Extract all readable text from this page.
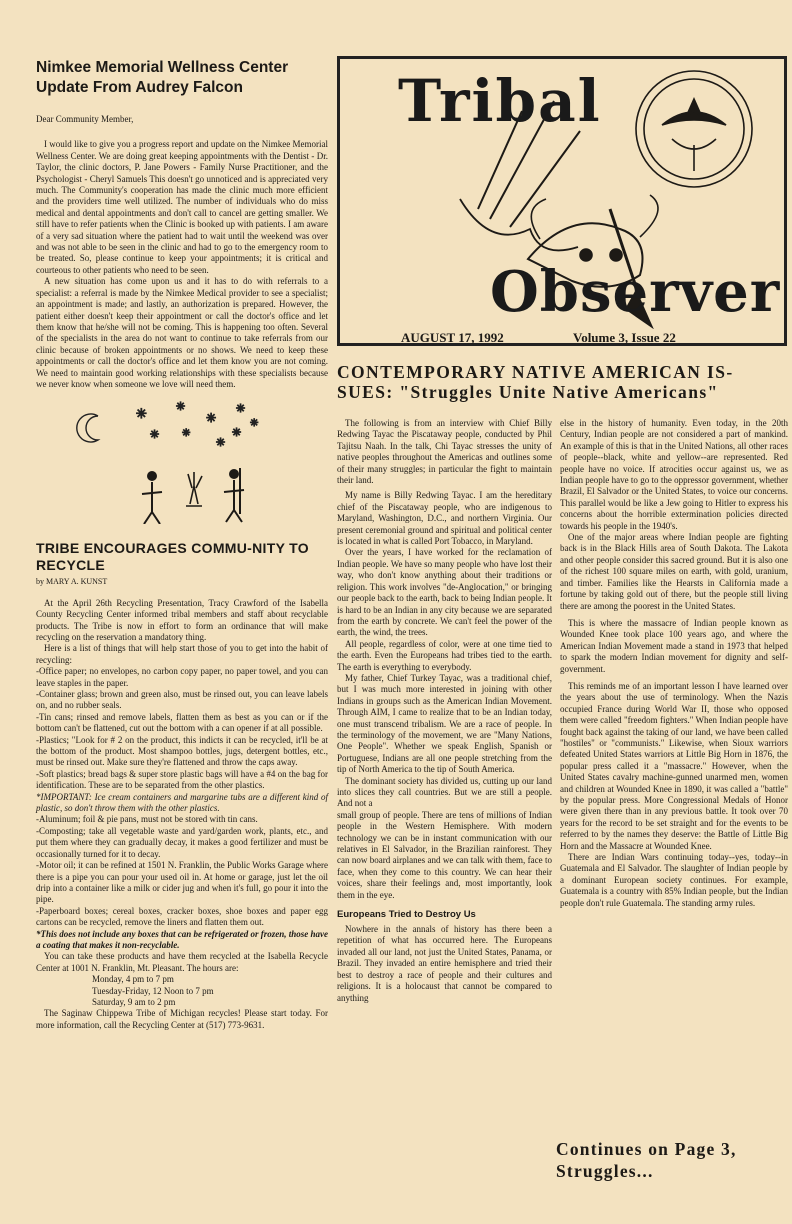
Nimkee Memorial Wellness Center Update From Audrey Falcon

Dear Community Member,

I would like to give you a progress report and update on the Nimkee Memorial Wellness Center. We are doing great keeping appointments with the Dentist - Dr. Taylor, the clinic doctors, P. Jane Powers - Family Nurse Practitioner, and the Psychologist - Cheryl Samuels This doesn't go unnoticed and is appreciated very much. The Community's cooperation has made the clinic much more efficient and the providers time well utilized. The number of individuals who do miss medical and dental appointments and don't call to cancel are getting smaller. We still have to refer patients when the Clinic is booked up with patients. I am aware of a very sad situation where the patient had to wait until the weekend was over and was not able to be seen in the clinic and had to go to the emergency room to be treated. So, please continue to keep your appointments; it is critical and courteous to other patients who need to be seen.

A new situation has come upon us and it has to do with referrals to a specialist: a referral is made by the Nimkee Medical provider to see a specialist; an appointment is made; and lastly, an authorization is prepared. However, the patient either doesn't keep their appointment or call the doctor's office and let them know that he/she will not be coming. This is happening too often. Several of the specialists in the area do not want to continue to take referrals from our clinic because of broken appointments or no shows. We need to keep these appointments or call the doctor's office and let them know you are not coming. We need to maintain good working relationships with these specialists because we never know when someone we love will need them.

✳
✳
✳
✳
✳ ✳	✳
✳
✳
TRIBE ENCOURAGES COMMU-NITY TO RECYCLE

by MARY A. KUNST

At the April 26th Recycling Presentation, Tracy Crawford of the Isabella County Recycling Center informed tribal members and staff about recyclable products. The Tribe is now in effort to form an ordinance that will make recycling on the reservation a mandatory thing.

Here is a list of things that will help start those of you to get into the habit of recycling:

-Office paper; no envelopes, no carbon copy paper, no paper towel, and you can leave staples in the paper.

-Container glass; brown and green also, must be rinsed out, you can leave labels on, and no rubber seals.

-Tin cans; rinsed and remove labels, flatten them as best as you can or if the bottom can't be flattened, cut out the bottom with a can opener if at all possible.

-Plastics; "Look for # 2 on the product, this indicts it can be recycled, it'll be at the bottom of the product. Most shampoo bottles, jugs, detergent bottles, etc., must be rinsed out. Make sure they're flattened and throw the caps away.

-Soft plastics; bread bags & super store plastic bags will have a #4 on the bag for identification. These are to be separated from the other plastics.

*IMPORTANT: Ice cream containers and margarine tubs are a different kind of plastic, so don't throw them with the other plastics.

-Aluminum; foil & pie pans, must not be stored with tin cans.

-Composting; take all vegetable waste and yard/garden work, plants, etc., and put them where they can gradually decay, it makes a good fertilizer and must be occasionally turned for it to decay.

-Motor oil; it can be refined at 1501 N. Franklin, the Public Works Garage where there is a pipe you can pour your used oil in. At home or garage, just let the oil drip into a container like a milk or cider jug and when it's full, go pour it into the pipe.

-Paperboard boxes; cereal boxes, cracker boxes, shoe boxes and paper egg cartons can be recycled, remove the liners and flatten them out.

*This does not include any boxes that can be refrigerated or frozen, those have a coating that makes it non-recyclable.

You can take these products and have them recycled at the Isabella Recycle Center at 1001 N. Franklin, Mt. Pleasant. The hours are:

Monday, 4 pm to 7 pm
Tuesday-Friday, 12 Noon to 7 pm
Saturday, 9 am to 2 pm

The Saginaw Chippewa Tribe of Michigan recycles! Please start today. For more information, call the Recycling Center at (517) 773-9631.

Tribal
Observer
AUGUST 17, 1992	Volume 3, Issue 22
CONTEMPORARY NATIVE AMERICAN IS-SUES: "Struggles Unite Native Americans"

The following is from an interview with Chief Billy Redwing Tayac the Piscataway people, conducted by Phil Tajitsu Naah. In the talk, Chi Tayac stresses the unity of native peoples throughout the Americas and outlines some of their many struggles; in particular the fight to maintain their land.

My name is Billy Redwing Tayac. I am the hereditary chief of the Piscataway people, who are indigenous to Maryland, Washington, D.C., and northern Virginia. Our present ceremonial ground and spiritual and political center is located in what is called Port Tobacco, in Maryland.

Over the years, I have worked for the reclamation of Indian people. We have so many people who have lost their way, who don't know anything about their traditions or religion. This work involves "de-Anglocation," or bringing our people back to the earth, back to being Indian people. It is hard to be an Indian in any city because we are separated from the earth by concrete. We can't feel the power of the earth, the wind, the trees.

All people, regardless of color, were at one time tied to the earth. Even the Europeans had tribes tied to the earth. The earth is everything to everybody.

My father, Chief Turkey Tayac, was a traditional chief, but I was much more interested in joining with other Indians in groups such as the American Indian Movement. Through AIM, I came to realize that to be an Indian today, one must transcend tribalism. We are a race of people. In the terminology of the movement, we are "Many Nations, One People". Whether we speak English, Spanish or Portuguese, Indians are all one people stretching from the tip of North America to the tip of South America.

The dominant society has divided us, cutting up our land into slices they call countries. But we are still a people. And not a

small group of people. There are tens of millions of Indian people in the Western Hemisphere. With modern technology we can be in instant communication with our relatives in El Salvador, in the Brazilian rainforest. They can now board airplanes and we can talk with them, face to face, when they come to this country. We can hear their voices, share their feelings and, most importantly, look them in the eye.

Europeans Tried to Destroy Us

Nowhere in the annals of history has there been a repetition of what has occurred here. The Europeans invaded all our land, not just the United States, Panama, or Brazil. They invaded an entire hemisphere and tried their best to destroy a race of people and their cultures and religions. It is a holocaust that cannot be compared to anything

else in the history of humanity. Even today, in the 20th Century, Indian people are not considered a part of mankind. An example of this is that in the United Nations, all other races of people--black, white and yellow--are represented. Red people have no voice. If atrocities occur against us, we as Indian people have to go to the oppressor government, whether Brazil, El Salvador or the United States, to voice our concerns. This parallel would be like a Jew going to Hitler to express his concerns about the horrible extermination policies directed towards his people in the 1940's.

One of the major areas where Indian people are fighting back is in the Black Hills area of South Dakota. The Lakota and other people consider this sacred ground. But it is also one of the richest 100 square miles on earth, with gold, uranium, and timber. Families like the Hearsts in California made a fortune by taking gold out of there, but the people still living there are among the poorest in the United States.

This is where the massacre of Indian people known as Wounded Knee took place 100 years ago, and where the American Indian Movement made a stand in 1973 that helped to spark the modern Indian movement for dignity and self-government.

This reminds me of an important lesson I have learned over the years about the use of terminology. When the Nazis occupied France during World War II, those who opposed them were called "freedom fighters." When Indian people have fought back against the taking of our land, we have been called "hostiles" or "communists." Likewise, when Sioux warriors defeated United States warriors at Little Big Horn in 1876, the popular press called it a "massacre." However, when the United States cavalry machine-gunned unarmed men, women and children at Wounded Knee in 1890, it was called a "battle" by the popular press. More Congressional Medals of Honor were given there than in any previous battle. It took over 70 years for the record to be set straight and for the events to be referred to by the names they deserve: the Battle of Little Big Horn and the Massacre at Wounded Knee.

There are Indian Wars continuing today--yes, today--in Guatemala and El Salvador. The slaughter of Indian people by a dominant European society continues. For example, Guatemala is a country with 85% Indian people, but the Indian people don't rule Guatemala. The standing army rules.

Continues on Page 3,
Struggles...
